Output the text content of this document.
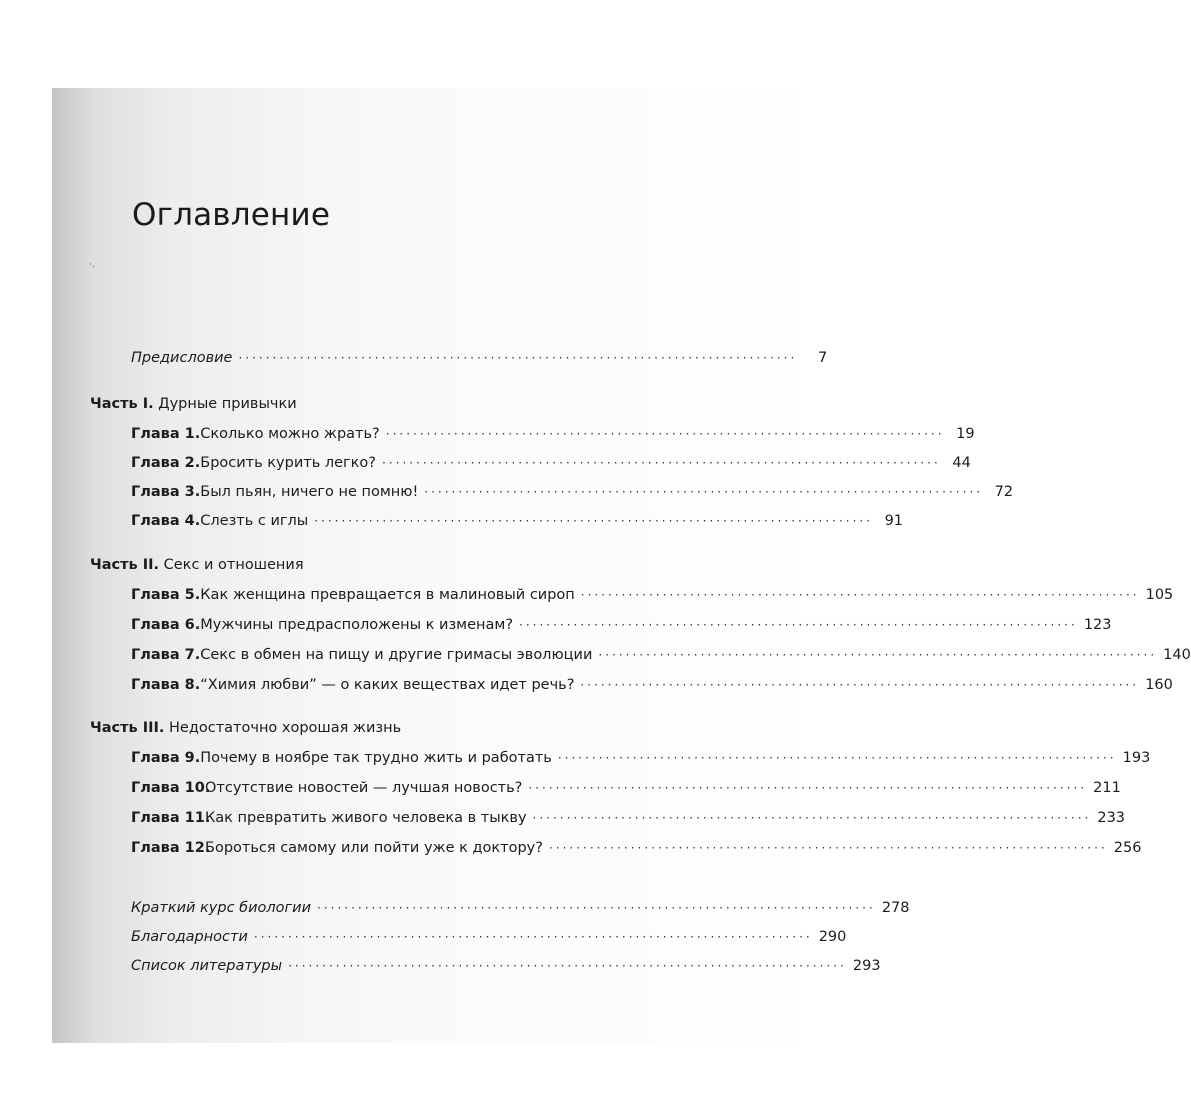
Оглавление
·.
Предисловие ··················································································	7
Часть I. Дурные привычки
Глава 1. Сколько можно жрать? ·················································································· 19
Глава 2. Бросить курить легко? ·················································································· 44
Глава 3. Был пьян, ничего не помню! ·················································································· 72
Глава 4. Слезть с иглы ·················································································· 91
Часть II. Секс и отношения
Глава 5. Как женщина превращается в малиновый сироп ·················································································· 105
Глава 6. Мужчины предрасположены к изменам? ·················································································· 123
Глава 7. Секс в обмен на пищу и другие гримасы эволюции ·················································································· 140
Глава 8. “Химия любви” — о каких веществах идет речь? ·················································································· 160
Часть III. Недостаточно хорошая жизнь
Глава 9. Почему в ноябре так трудно жить и работать ·················································································· 193
Глава 10.
Отсутствие новостей — лучшая новость? ·················································································· 211
Глава 11.
Как превратить живого человека в тыкву ·················································································· 233
Глава 12.
Бороться самому или пойти уже к доктору? ·················································································· 256
Краткий курс биологии ·················································································· 278
Благодарности ·················································································· 290
Список литературы ·················································································· 293
